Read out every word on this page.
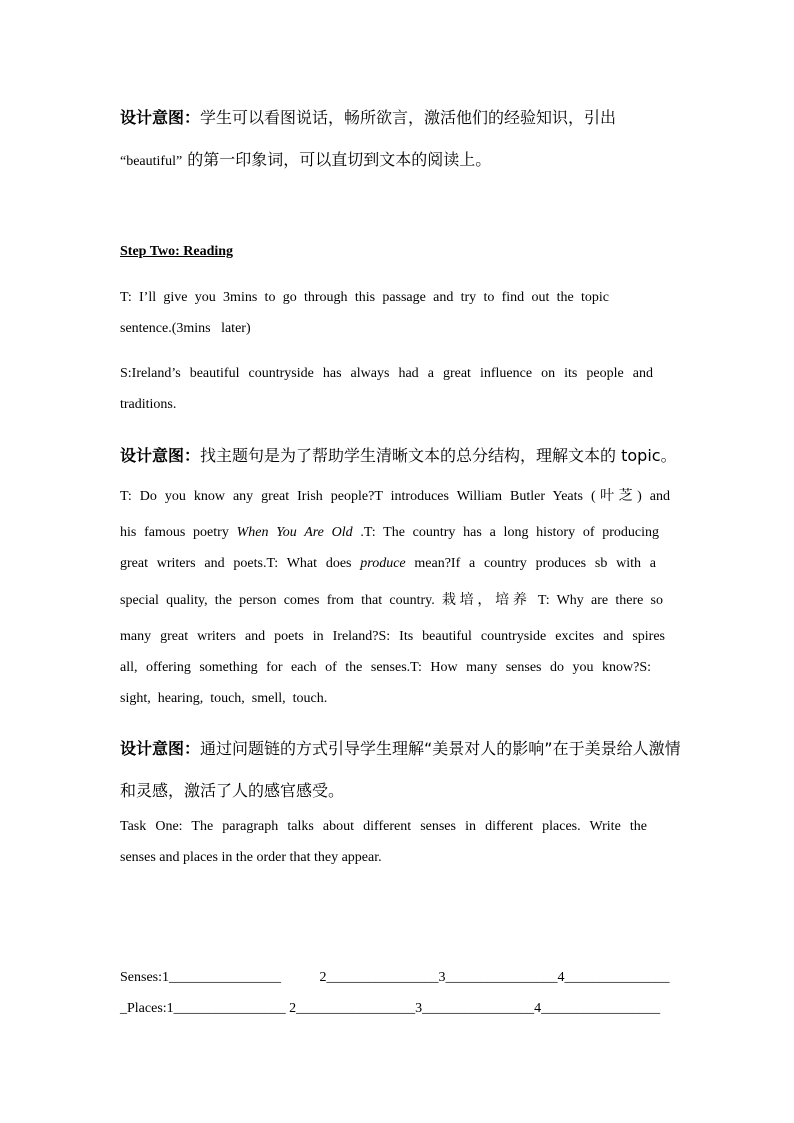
设计意图：学生可以看图说话，畅所欲言，激活他们的经验知识，引出
“beautiful” 的第一印象词，可以直切到文本的阅读上。
Step Two: Reading
T: I’ll give you 3mins to go through this passage and try to find out the topic
sentence.(3mins   later)
S:Ireland’s beautiful countryside has always had a great influence on its people and
traditions.
设计意图：找主题句是为了帮助学生清晰文本的总分结构，理解文本的 topic。
T: Do you know any great Irish people?T introduces William Butler Yeats (叶芝) and
his famous poetry When You Are Old .T: The country has a long history of producing
great writers and poets.T: What does produce mean?If a country produces sb with a
special quality, the person comes from that country. 栽培，培养 T: Why are there so
many great writers and poets in Ireland?S: Its beautiful countryside excites and spires
all, offering something for each of the senses.T: How many senses do you know?S:
sight,  hearing,  touch,  smell,  touch.
设计意图：通过问题链的方式引导学生理解“美景对人的影响”在于美景给人激情
和灵感，激活了人的感官感受。
Task One: The paragraph talks about different senses in different places. Write the
senses and places in the order that they appear.
Senses:1________________           2________________3________________4_______________
_Places:1________________ 2_________________3________________4_________________
